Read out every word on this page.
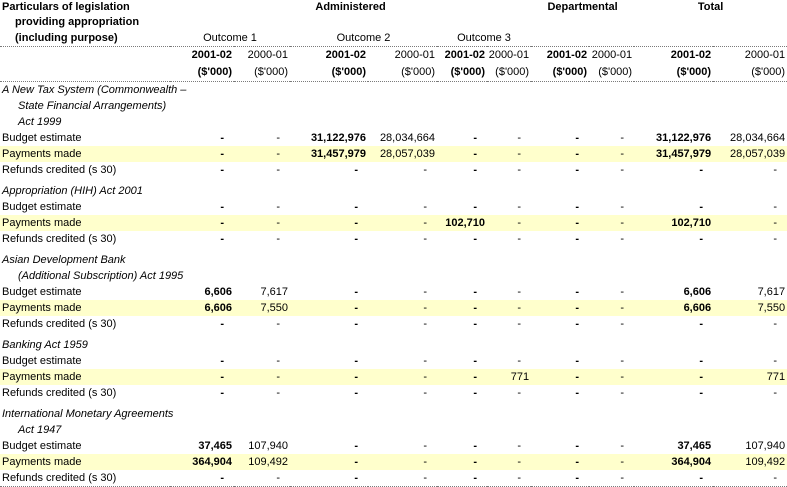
Particulars of legislation	Administered						Departmental		Total	
providing appropriation										
(including purpose)	Outcome 1		Outcome 2		Outcome 3					
	2001-02	2000-01	2001-02	2000-01	2001-02	2000-01	2001-02	2000-01	2001-02	2000-01
	($'000)	($'000)	($'000)	($'000)	($'000)	($'000)	($'000)	($'000)	($'000)	($'000)
A New Tax System (Commonwealth –										
State Financial Arrangements)										
Act 1999										
Budget estimate	-	-	31,122,976	28,034,664	-	-	-	-	31,122,976	28,034,664
Payments made	-	-	31,457,979	28,057,039	-	-	-	-	31,457,979	28,057,039
Refunds credited (s 30)	-	-	-	-	-	-	-	-	-	-

Appropriation (HIH) Act 2001										
Budget estimate	-	-	-	-	-	-	-	-	-	-
Payments made	-	-	-	-	102,710	-	-	-	102,710	-
Refunds credited (s 30)	-	-	-	-	-	-	-	-	-	-

Asian Development Bank										
(Additional Subscription) Act 1995										
Budget estimate	6,606	7,617	-	-	-	-	-	-	6,606	7,617
Payments made	6,606	7,550	-	-	-	-	-	-	6,606	7,550
Refunds credited (s 30)	-	-	-	-	-	-	-	-	-	-

Banking Act 1959										
Budget estimate	-	-	-	-	-	-	-	-	-	-
Payments made	-	-	-	-	-	771	-	-	-	771
Refunds credited (s 30)	-	-	-	-	-	-	-	-	-	-

International Monetary Agreements										
Act 1947										
Budget estimate	37,465	107,940	-	-	-	-	-	-	37,465	107,940
Payments made	364,904	109,492	-	-	-	-	-	-	364,904	109,492
Refunds credited (s 30)	-	-	-	-	-	-	-	-	-	-
